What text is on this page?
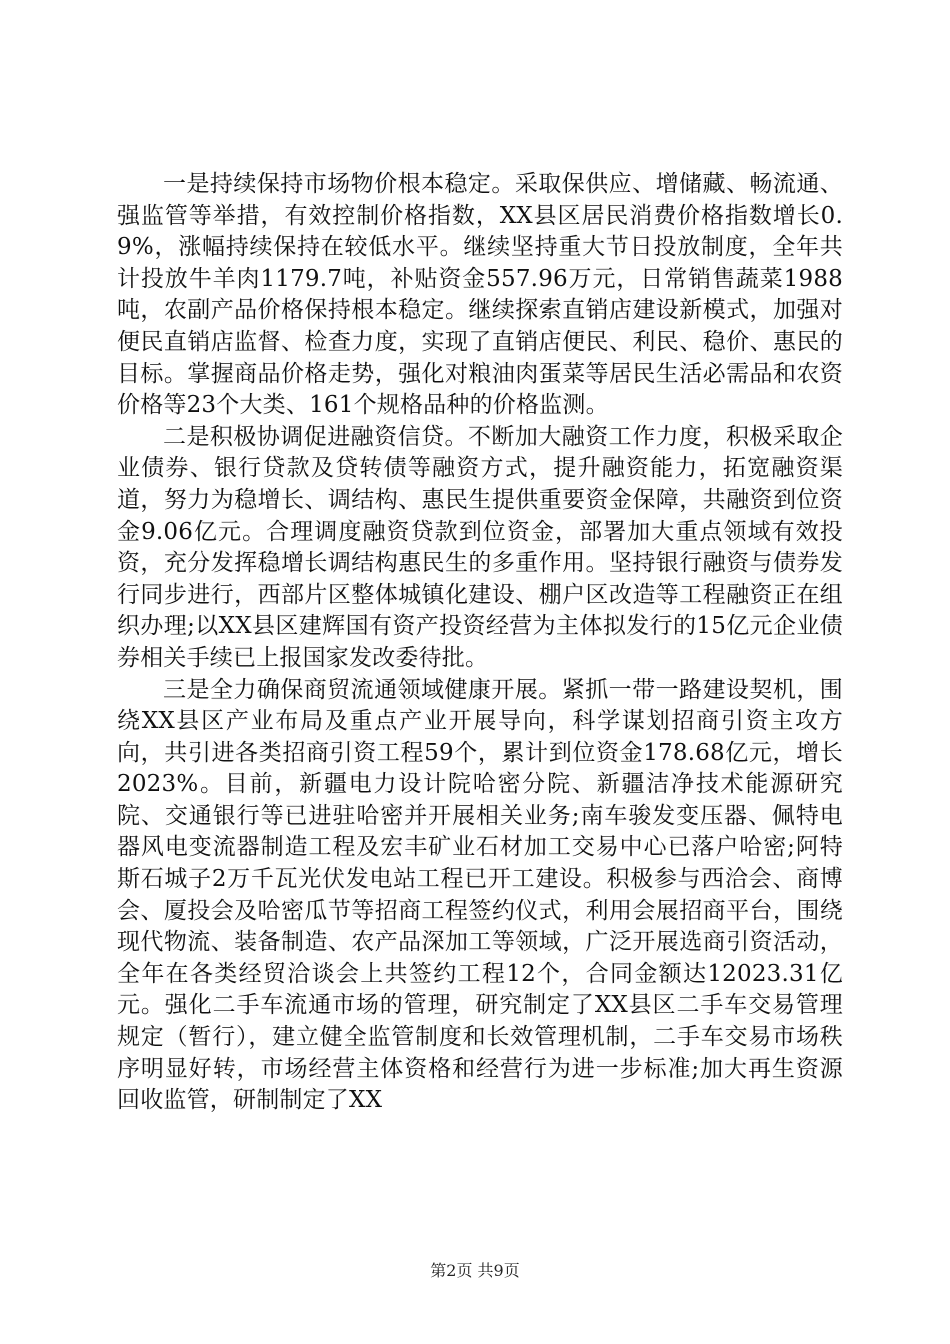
一是持续保持市场物价根本稳定。采取保供应、增储藏、畅流通、强监管等举措，有效控制价格指数，XX县区居民消费价格指数增长0.9%，涨幅持续保持在较低水平。继续坚持重大节日投放制度，全年共计投放牛羊肉1179.7吨，补贴资金557.96万元，日常销售蔬菜1988吨，农副产品价格保持根本稳定。继续探索直销店建设新模式，加强对便民直销店监督、检查力度，实现了直销店便民、利民、稳价、惠民的目标。掌握商品价格走势，强化对粮油肉蛋菜等居民生活必需品和农资价格等23个大类、161个规格品种的价格监测。

二是积极协调促进融资信贷。不断加大融资工作力度，积极采取企业债券、银行贷款及贷转债等融资方式，提升融资能力，拓宽融资渠道，努力为稳增长、调结构、惠民生提供重要资金保障，共融资到位资金9.06亿元。合理调度融资贷款到位资金，部署加大重点领域有效投资，充分发挥稳增长调结构惠民生的多重作用。坚持银行融资与债券发行同步进行，西部片区整体城镇化建设、棚户区改造等工程融资正在组织办理;以XX县区建辉国有资产投资经营为主体拟发行的15亿元企业债券相关手续已上报国家发改委待批。

三是全力确保商贸流通领域健康开展。紧抓一带一路建设契机，围绕XX县区产业布局及重点产业开展导向，科学谋划招商引资主攻方向，共引进各类招商引资工程59个，累计到位资金178.68亿元，增长2023%。目前，新疆电力设计院哈密分院、新疆洁净技术能源研究院、交通银行等已进驻哈密并开展相关业务;南车骏发变压器、佩特电器风电变流器制造工程及宏丰矿业石材加工交易中心已落户哈密;阿特斯石城子2万千瓦光伏发电站工程已开工建设。积极参与西洽会、商博会、厦投会及哈密瓜节等招商工程签约仪式，利用会展招商平台，围绕现代物流、装备制造、农产品深加工等领域，广泛开展选商引资活动，全年在各类经贸洽谈会上共签约工程12个，合同金额达12023.31亿元。强化二手车流通市场的管理，研究制定了XX县区二手车交易管理规定（暂行），建立健全监管制度和长效管理机制，二手车交易市场秩序明显好转，市场经营主体资格和经营行为进一步标准;加大再生资源回收监管，研制制定了XX

第2页 共9页
